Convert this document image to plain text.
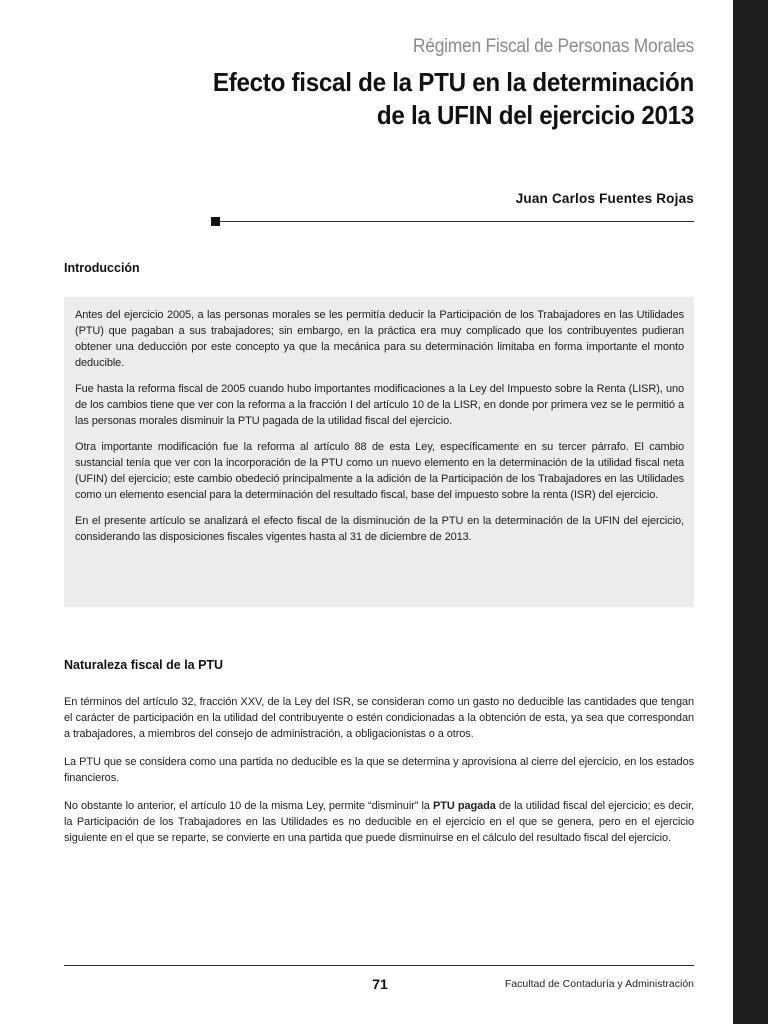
Régimen Fiscal de Personas Morales
Efecto fiscal de la PTU en la determinación
de la UFIN del ejercicio 2013
Juan Carlos Fuentes Rojas
Introducción

Antes del ejercicio 2005, a las personas morales se les permitía deducir la Participación de los Trabajadores en las Utilidades (PTU) que pagaban a sus trabajadores; sin embargo, en la práctica era muy complicado que los contribuyentes pudieran obtener una deducción por este concepto ya que la mecánica para su determinación limitaba en forma importante el monto deducible.

Fue hasta la reforma fiscal de 2005 cuando hubo importantes modificaciones a la Ley del Impuesto sobre la Renta (LISR), uno de los cambios tiene que ver con la reforma a la fracción I del artículo 10 de la LISR, en donde por primera vez se le permitió a las personas morales disminuir la PTU pagada de la utilidad fiscal del ejercicio.

Otra importante modificación fue la reforma al artículo 88 de esta Ley, específicamente en su tercer párrafo. El cambio sustancial tenía que ver con la incorporación de la PTU como un nuevo elemento en la determinación de la utilidad fiscal neta (UFIN) del ejercicio; este cambio obedeció principalmente a la adición de la Participación de los Trabajadores en las Utilidades como un elemento esencial para la determinación del resultado fiscal, base del impuesto sobre la renta (ISR) del ejercicio.

En el presente artículo se analizará el efecto fiscal de la disminución de la PTU en la determinación de la UFIN del ejercicio, considerando las disposiciones fiscales vigentes hasta al 31 de diciembre de 2013.

Naturaleza fiscal de la PTU

En términos del artículo 32, fracción XXV, de la Ley del ISR, se consideran como un gasto no deducible las cantidades que tengan el carácter de participación en la utilidad del contribuyente o estén condicionadas a la obtención de esta, ya sea que correspondan a trabajadores, a miembros del consejo de administración, a obligacionistas o a otros.

La PTU que se considera como una partida no deducible es la que se determina y aprovisiona al cierre del ejercicio, en los estados financieros.

No obstante lo anterior, el artículo 10 de la misma Ley, permite “disminuir” la PTU pagada de la utilidad fiscal del ejercicio; es decir, la Participación de los Trabajadores en las Utilidades es no deducible en el ejercicio en el que se genera, pero en el ejercicio siguiente en el que se reparte, se convierte en una partida que puede disminuirse en el cálculo del resultado fiscal del ejercicio.

71	Facultad de Contaduría y Administración
